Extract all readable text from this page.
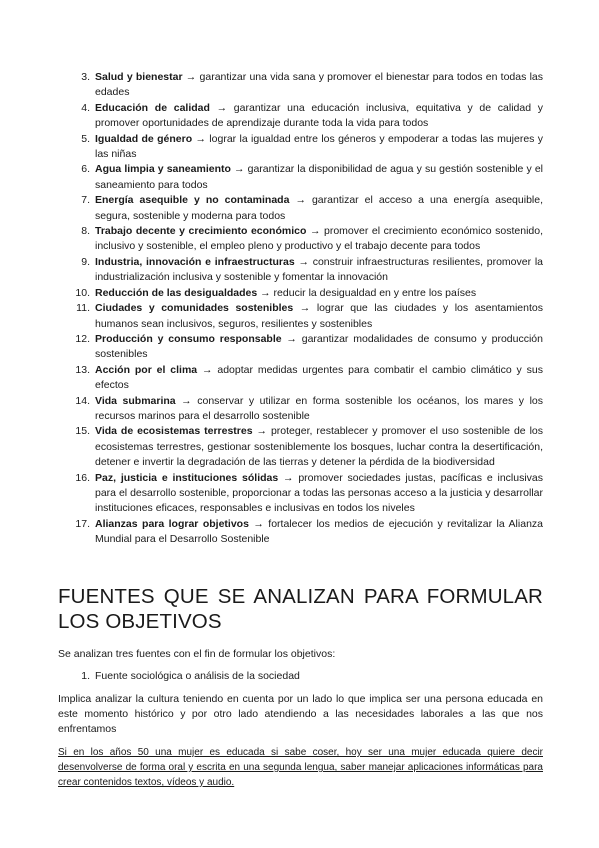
3. Salud y bienestar → garantizar una vida sana y promover el bienestar para todos en todas las edades
4. Educación de calidad → garantizar una educación inclusiva, equitativa y de calidad y promover oportunidades de aprendizaje durante toda la vida para todos
5. Igualdad de género → lograr la igualdad entre los géneros y empoderar a todas las mujeres y las niñas
6. Agua limpia y saneamiento → garantizar la disponibilidad de agua y su gestión sostenible y el saneamiento para todos
7. Energía asequible y no contaminada → garantizar el acceso a una energía asequible, segura, sostenible y moderna para todos
8. Trabajo decente y crecimiento económico → promover el crecimiento económico sostenido, inclusivo y sostenible, el empleo pleno y productivo y el trabajo decente para todos
9. Industria, innovación e infraestructuras → construir infraestructuras resilientes, promover la industrialización inclusiva y sostenible y fomentar la innovación
10. Reducción de las desigualdades → reducir la desigualdad en y entre los países
11. Ciudades y comunidades sostenibles → lograr que las ciudades y los asentamientos humanos sean inclusivos, seguros, resilientes y sostenibles
12. Producción y consumo responsable → garantizar modalidades de consumo y producción sostenibles
13. Acción por el clima → adoptar medidas urgentes para combatir el cambio climático y sus efectos
14. Vida submarina → conservar y utilizar en forma sostenible los océanos, los mares y los recursos marinos para el desarrollo sostenible
15. Vida de ecosistemas terrestres → proteger, restablecer y promover el uso sostenible de los ecosistemas terrestres, gestionar sosteniblemente los bosques, luchar contra la desertificación, detener e invertir la degradación de las tierras y detener la pérdida de la biodiversidad
16. Paz, justicia e instituciones sólidas → promover sociedades justas, pacíficas e inclusivas para el desarrollo sostenible, proporcionar a todas las personas acceso a la justicia y desarrollar instituciones eficaces, responsables e inclusivas en todos los niveles
17. Alianzas para lograr objetivos → fortalecer los medios de ejecución y revitalizar la Alianza Mundial para el Desarrollo Sostenible
FUENTES QUE SE ANALIZAN PARA FORMULAR LOS OBJETIVOS

Se analizan tres fuentes con el fin de formular los objetivos:

1. Fuente sociológica o análisis de la sociedad

Implica analizar la cultura teniendo en cuenta por un lado lo que implica ser una persona educada en este momento histórico y por otro lado atendiendo a las necesidades laborales a las que nos enfrentamos

Si en los años 50 una mujer es educada si sabe coser, hoy ser una mujer educada quiere decir desenvolverse de forma oral y escrita en una segunda lengua, saber manejar aplicaciones informáticas para crear contenidos textos, vídeos y audio.
